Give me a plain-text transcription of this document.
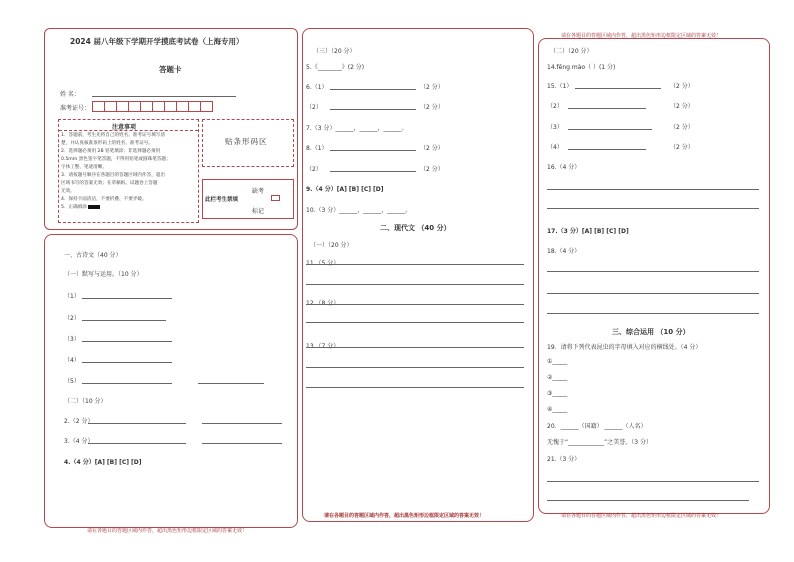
2024 届八年级下学期开学摸底考试卷（上海专用）
答题卡
姓 名：
准考证号：
注意事项
1．答题前，考生先将自己的姓名、准考证号填写清
楚，并认真核准条形码上的姓名、准考证号。
2．选择题必须用 2B 铅笔填涂；非选择题必须用
0.5mm 黑色签字笔答题，不得用铅笔或圆珠笔答题；
字体工整、笔迹清晰。
3．请按题号顺序在各题目的答题区域内作答，超出
区域书写的答案无效；在草稿纸、试题卷上答题
无效。
4．保持卡面清洁，不要折叠、不要弄破。
5．正确填涂
贴条形码区
缺考
此栏考生禁填
标记
一、古诗文（40 分）
（一）默写与运用。（10 分）
（1）
（2）
（3）
（4）
（5）
（二）（10 分）
2.（2 分）
3.（4 分）
4.（4 分）[A] [B] [C] [D]
请在各题目的答题区域内作答，超出黑色矩形边框限定区域的答案无效！
（三）（20 分）
5.《________》(2 分)
6.（1）	（2 分）
（2）	（2 分）
7.（3 分）______，______，______。
8.（1）	（2 分）
（2）	（2 分）
9.（4 分）[A] [B] [C] [D]
10.（3 分）______，______，______。
二、现代文 （40 分）
（一）（20 分）
11.（5 分）
12.（8 分）
13.（7 分）
请在各题目的答题区域内作答，超出黑色矩形边框限定区域的答案无效！
请在各题目的答题区域内作答，超出黑色矩形边框限定区域的答案无效！
（二）（20 分）
14.fēng mào（ ）(1 分)
15.（1）	（2 分）
（2）	（2 分）
（3）	（2 分）
（4）	（2 分）
16.（4 分）
17.（3 分）[A] [B] [C] [D]
18.（4 分）
三、综合运用 （10 分）
19．请将下列代表昆虫的字母填入对应的横线处。（4 分）
①_____
②_____
③_____
④_____
20．______（国籍） ______（人名）
无愧于“____________”之美誉。（3 分）
21.（3 分）
请在各题目的答题区域内作答，超出黑色矩形边框限定区域的答案无效！
